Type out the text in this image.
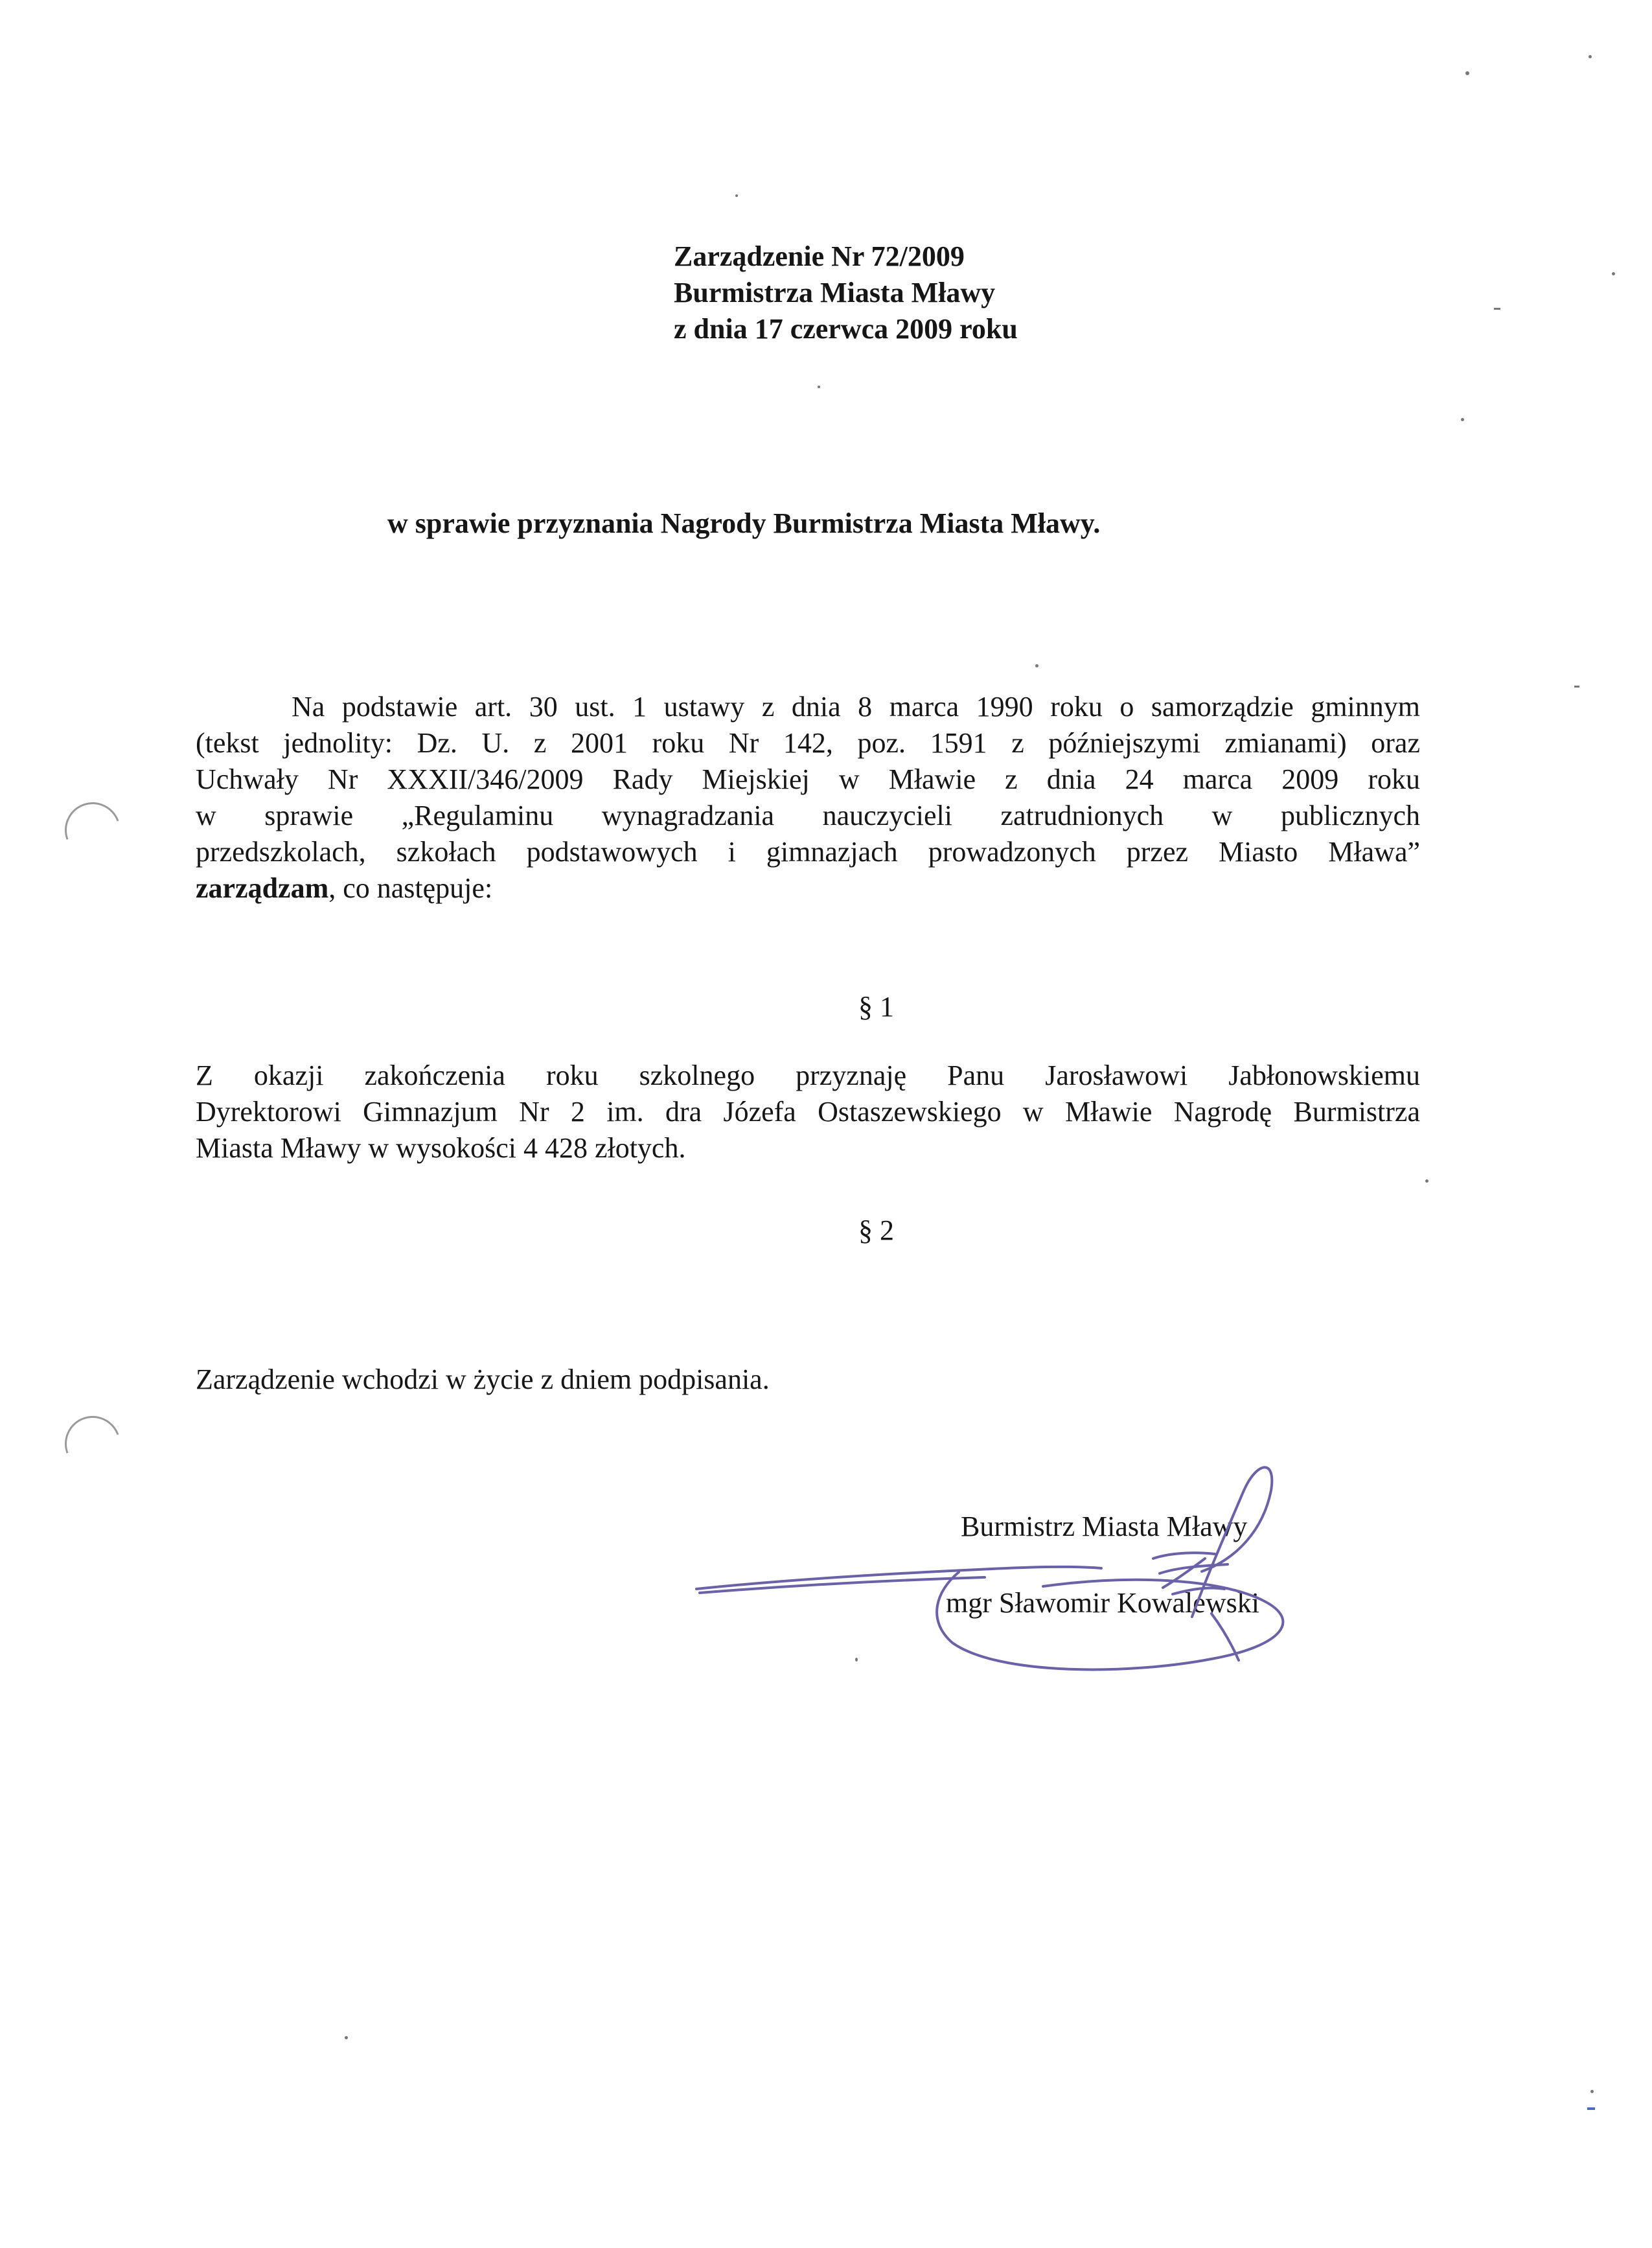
Zarządzenie Nr 72/2009
Burmistrza Miasta Mławy
z dnia 17 czerwca 2009 roku
w sprawie przyznania Nagrody Burmistrza Miasta Mławy.
Na podstawie art. 30 ust. 1 ustawy z dnia 8 marca 1990 roku o samorządzie gminnym
(tekst jednolity: Dz. U. z 2001 roku Nr 142, poz. 1591 z późniejszymi zmianami) oraz
Uchwały Nr XXXII/346/2009 Rady Miejskiej w Mławie z dnia 24 marca 2009 roku
w sprawie „Regulaminu wynagradzania nauczycieli zatrudnionych w publicznych
przedszkolach, szkołach podstawowych i gimnazjach prowadzonych przez Miasto Mława”
zarządzam, co następuje:
§ 1
Z okazji zakończenia roku szkolnego przyznaję Panu Jarosławowi Jabłonowskiemu
Dyrektorowi Gimnazjum Nr 2 im. dra Józefa Ostaszewskiego w Mławie Nagrodę Burmistrza
Miasta Mławy w wysokości 4 428 złotych.
§ 2
Zarządzenie wchodzi w życie z dniem podpisania.
Burmistrz Miasta Mławy
mgr Sławomir Kowalewski
